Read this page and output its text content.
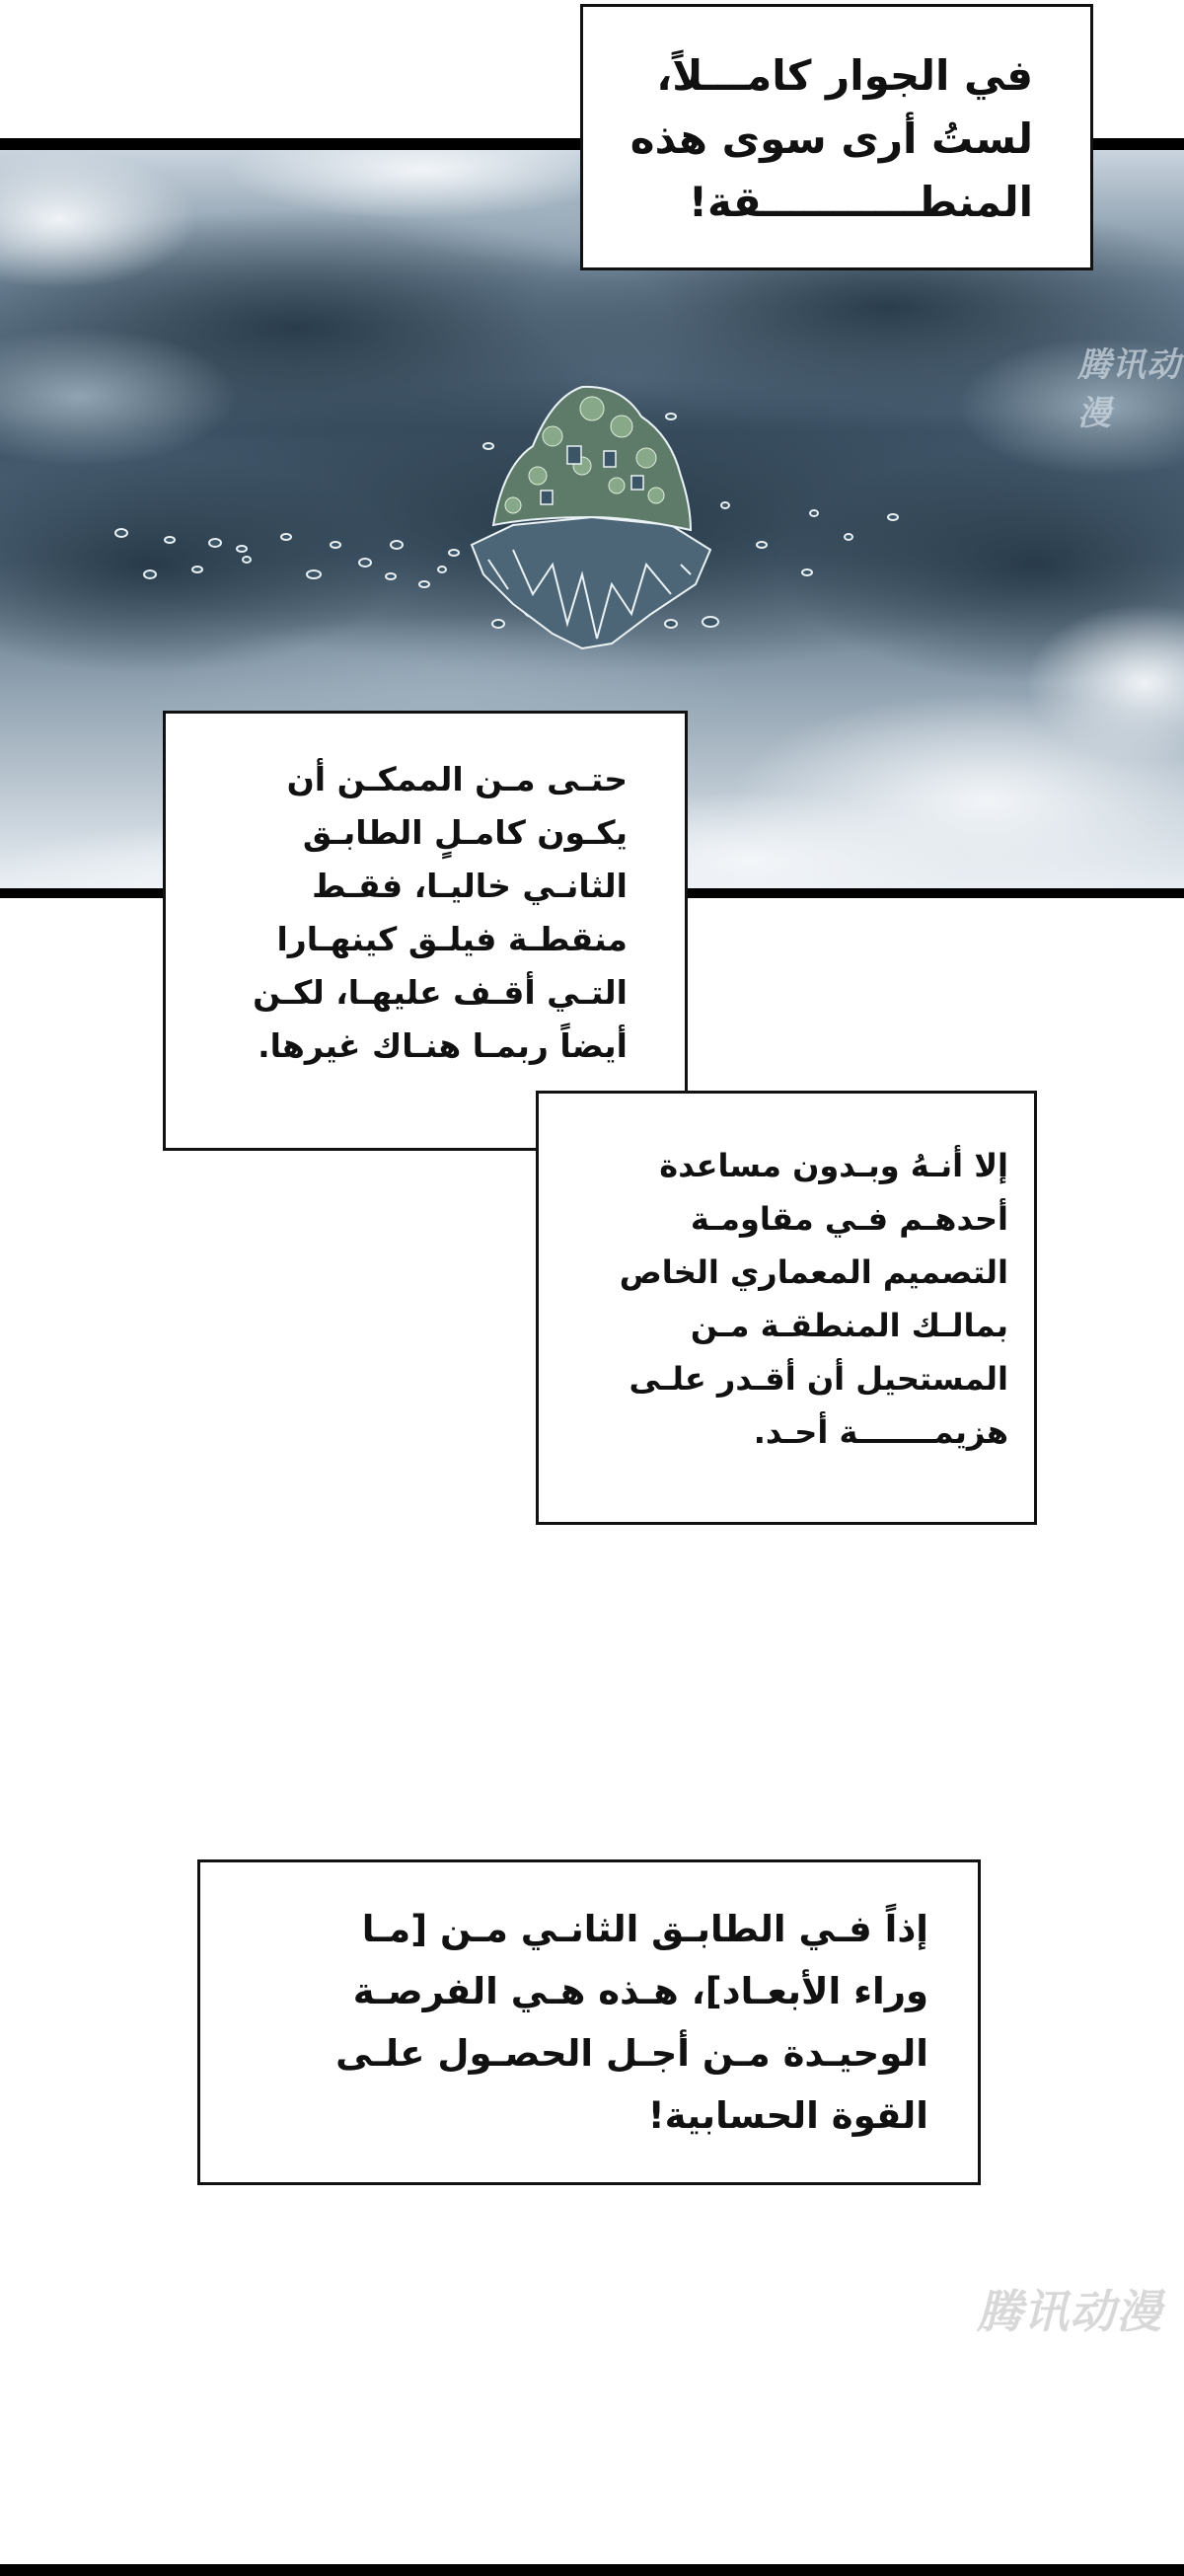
腾讯动漫
في الجوار كامـــلاً،
لستُ أرى سوى هذه
المنطـــــــــــقة!
حتـى مـن الممكـن أن
يكـون كامـلٍ الطابـق
الثانـي خاليـا، فقـط
منقطـة فيلـق كينهـارا
التـي أقـف عليهـا، لكـن
أيضاً ربمـا هنـاك غيرها.
إلا أنـهُ وبـدون مساعدة
أحدهـم فـي مقاومـة
التصميم المعماري الخاص
بمالـك المنطقـة مـن
المستحيل أن أقـدر علـى
هزيمـــــــة أحـد.
إذاً فـي الطابـق الثانـي مـن [مـا
وراء الأبعـاد]، هـذه هـي الفرصـة
الوحيـدة مـن أجـل الحصـول علـى
القوة الحسابية!
腾讯动漫
